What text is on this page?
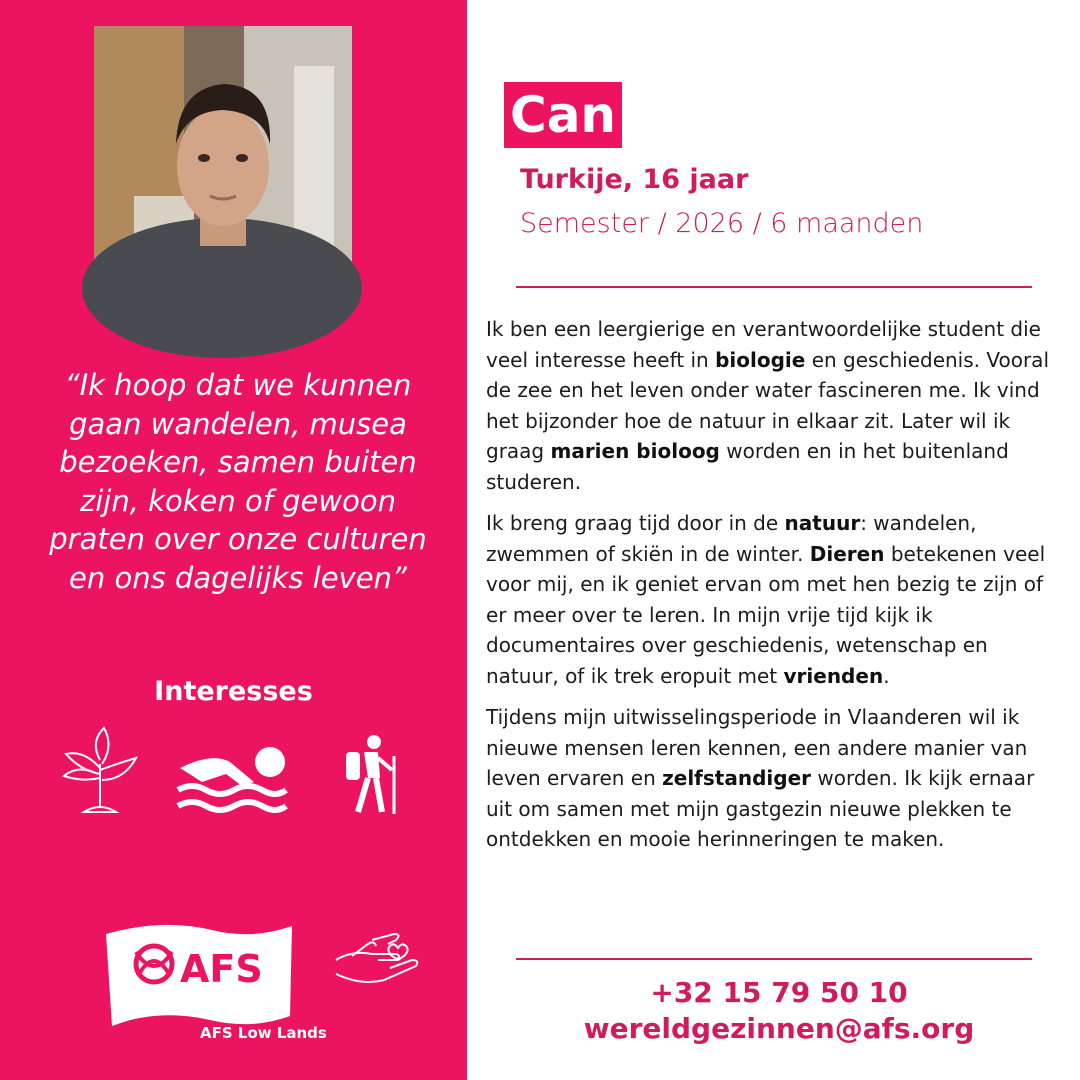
“Ik hoop dat we kunnen gaan wandelen, musea bezoeken, samen buiten zijn, koken of gewoon praten over onze culturen en ons dagelijks leven”
Interesses
AFS
AFS Low Lands
Can
Turkije, 16 jaar
Semester / 2026 / 6 maanden

Ik ben een leergierige en verantwoordelijke student die veel interesse heeft in biologie en geschiedenis. Vooral de zee en het leven onder water fascineren me. Ik vind het bijzonder hoe de natuur in elkaar zit. Later wil ik graag marien bioloog worden en in het buitenland studeren.

Ik breng graag tijd door in de natuur: wandelen, zwemmen of skiën in de winter. Dieren betekenen veel voor mij, en ik geniet ervan om met hen bezig te zijn of er meer over te leren. In mijn vrije tijd kijk ik documentaires over geschiedenis, wetenschap en natuur, of ik trek eropuit met vrienden.

Tijdens mijn uitwisselingsperiode in Vlaanderen wil ik nieuwe mensen leren kennen, een andere manier van leven ervaren en zelfstandiger worden. Ik kijk ernaar uit om samen met mijn gastgezin nieuwe plekken te ontdekken en mooie herinneringen te maken.

+32 15 79 50 10
wereldgezinnen@afs.org
